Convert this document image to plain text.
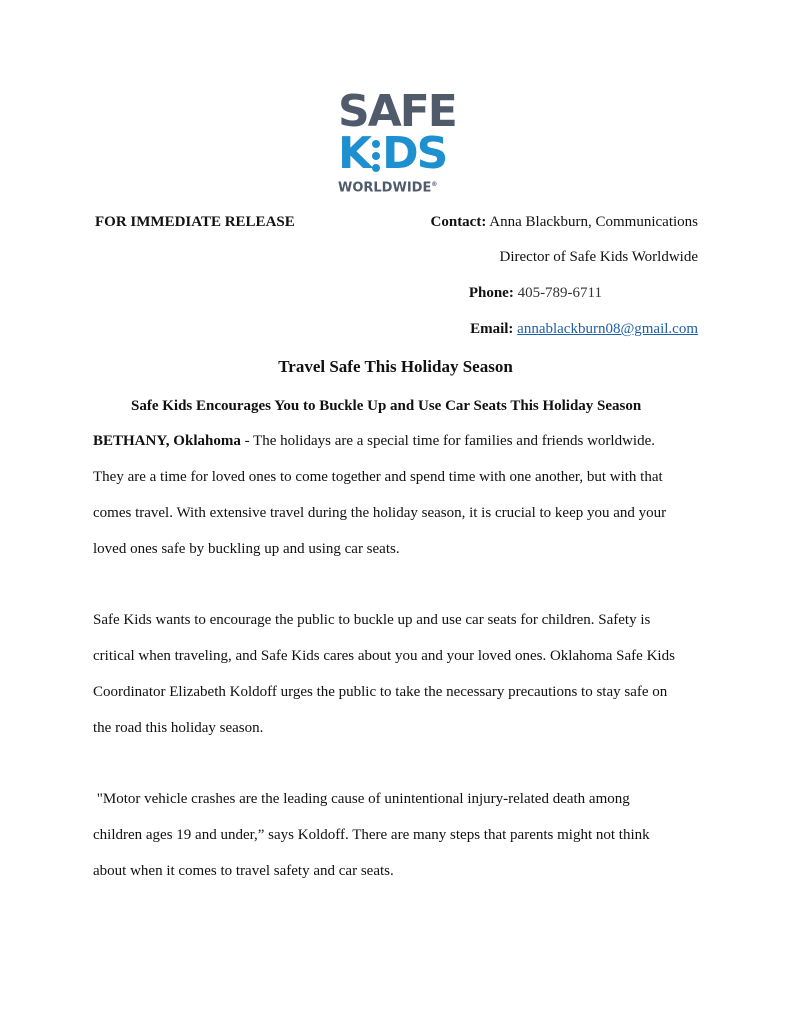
SAFE
K DS
WORLDWIDE®
FOR IMMEDIATE RELEASE	Contact: Anna Blackburn, Communications
Director of Safe Kids Worldwide
Phone: 405-789-6711
Email: annablackburn08@gmail.com
Travel Safe This Holiday Season
Safe Kids Encourages You to Buckle Up and Use Car Seats This Holiday Season
BETHANY, Oklahoma - The holidays are a special time for families and friends worldwide.
They are a time for loved ones to come together and spend time with one another, but with that
comes travel. With extensive travel during the holiday season, it is crucial to keep you and your
loved ones safe by buckling up and using car seats.
Safe Kids wants to encourage the public to buckle up and use car seats for children. Safety is
critical when traveling, and Safe Kids cares about you and your loved ones. Oklahoma Safe Kids
Coordinator Elizabeth Koldoff urges the public to take the necessary precautions to stay safe on
the road this holiday season.
"Motor vehicle crashes are the leading cause of unintentional injury-related death among
children ages 19 and under,” says Koldoff. There are many steps that parents might not think
about when it comes to travel safety and car seats.
